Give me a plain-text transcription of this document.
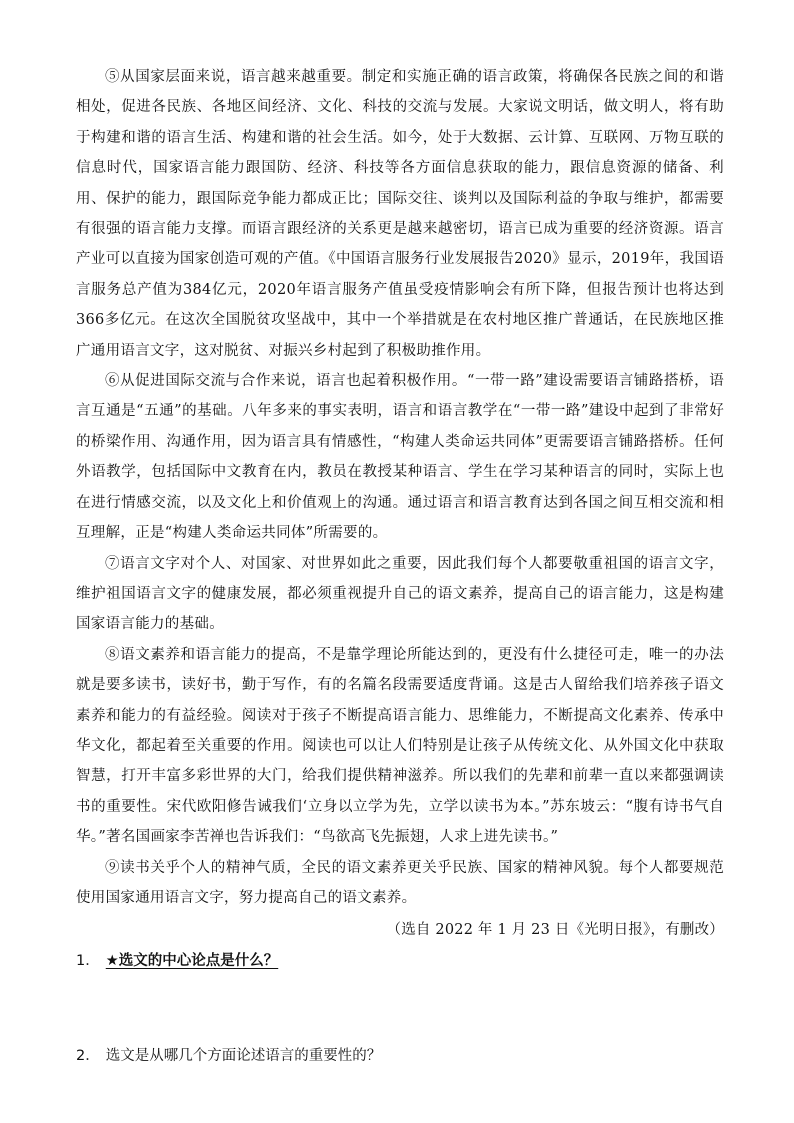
⑤从国家层面来说，语言越来越重要。制定和实施正确的语言政策，将确保各民族之间的和谐相处，促进各民族、各地区间经济、文化、科技的交流与发展。大家说文明话，做文明人，将有助于构建和谐的语言生活、构建和谐的社会生活。如今，处于大数据、云计算、互联网、万物互联的信息时代，国家语言能力跟国防、经济、科技等各方面信息获取的能力，跟信息资源的储备、利用、保护的能力，跟国际竞争能力都成正比；国际交往、谈判以及国际利益的争取与维护，都需要有很强的语言能力支撑。而语言跟经济的关系更是越来越密切，语言已成为重要的经济资源。语言产业可以直接为国家创造可观的产值。《中国语言服务行业发展报告2020》显示，2019年，我国语言服务总产值为384亿元，2020年语言服务产值虽受疫情影响会有所下降，但报告预计也将达到366多亿元。在这次全国脱贫攻坚战中，其中一个举措就是在农村地区推广普通话，在民族地区推广通用语言文字，这对脱贫、对振兴乡村起到了积极助推作用。

⑥从促进国际交流与合作来说，语言也起着积极作用。“一带一路”建设需要语言铺路搭桥，语言互通是“五通”的基础。八年多来的事实表明，语言和语言教学在“一带一路”建设中起到了非常好的桥梁作用、沟通作用，因为语言具有情感性，“构建人类命运共同体”更需要语言铺路搭桥。任何外语教学，包括国际中文教育在内，教员在教授某种语言、学生在学习某种语言的同时，实际上也在进行情感交流，以及文化上和价值观上的沟通。通过语言和语言教育达到各国之间互相交流和相互理解，正是“构建人类命运共同体”所需要的。

⑦语言文字对个人、对国家、对世界如此之重要，因此我们每个人都要敬重祖国的语言文字，维护祖国语言文字的健康发展，都必须重视提升自己的语文素养，提高自己的语言能力，这是构建国家语言能力的基础。

⑧语文素养和语言能力的提高，不是靠学理论所能达到的，更没有什么捷径可走，唯一的办法就是要多读书，读好书，勤于写作，有的名篇名段需要适度背诵。这是古人留给我们培养孩子语文素养和能力的有益经验。阅读对于孩子不断提高语言能力、思维能力，不断提高文化素养、传承中华文化，都起着至关重要的作用。阅读也可以让人们特别是让孩子从传统文化、从外国文化中获取智慧，打开丰富多彩世界的大门，给我们提供精神滋养。所以我们的先辈和前辈一直以来都强调读书的重要性。宋代欧阳修告诫我们‘立身以立学为先，立学以读书为本。”苏东坡云：“腹有诗书气自华。”著名国画家李苦禅也告诉我们：“鸟欲高飞先振翅，人求上进先读书。”

⑨读书关乎个人的精神气质，全民的语文素养更关乎民族、国家的精神风貌。每个人都要规范使用国家通用语言文字，努力提高自己的语文素养。

（选自 2022 年 1 月 23 日《光明日报》，有删改）

1． ★选文的中心论点是什么？

2． 选文是从哪几个方面论述语言的重要性的？
